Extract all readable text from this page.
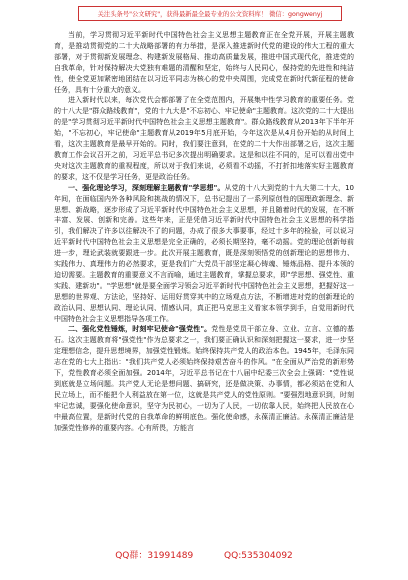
关注头条号"公文研究"，获得最新最全最专业的公文资料库！ 微信：gongwenyj

当前，学习贯彻习近平新时代中国特色社会主义思想主题教育正在全党开展，开展主题教育，是推动贯彻党的二十大战略部署的有力举措，是深入推进新时代党的建设的伟大工程的重大部署，对于贯彻新发展理念、构建新发展格局、推动高质量发展，推进中国式现代化，推进党的自我革命，针对保持解决大党独有难题的清醒和坚定，始终与人民同心，保持党的先进性和纯洁性，使全党更加紧密地团结在以习近平同志为核心的党中央周围，完成党在新时代新征程的使命任务，具有十分重大的意义。

进入新时代以来，每次党代会都部署了在全党范围内，开展集中性学习教育的重要任务。党的十八大是"群众路线教育"，党的十九大是"不忘初心、牢记使命"主题教育。这次党的二十大提出的是"学习贯彻习近平新时代中国特色社会主义思想主题教育"。群众路线教育从2013年下半年开始，"不忘初心，牢记使命"主题教育从2019年5月底开始，今年这次是从4月份开始的从时间上看，这次主题教育是最早开始的。同时，我们要注意到，在党的二十大作出部署之后，这次主题教育工作会议召开之前，习近平总书记多次提出明确要求。这是和以往不同的，足可以看出党中央对这次主题教育的重视程度，所以对于我们来说，必须看不动摇，不打折扣地落实好主题教育的要求，这不仅是学习任务，更是政治任务。

一、强化理论学习，深刻理解主题教育"学思想"。从党的十八大到党的十九大第二十大，10年间，在面临国内外各种风险和挑战的情况下，总书记提出了一系列原创性的国理政新理念、新思想、新战略，逐步形成了习近平新时代中国特色社会主义思想，并且随着时代的发展，在不断丰富、发展、创新和完善。这些年来，正是凭借习近平新时代中国特色社会主义思想的科学指引，我们解决了许多以往解决不了的问题，办成了很多大事要事，经过十多年的检验，可以说习近平新时代中国特色社会主义思想是完全正确的，必须长期坚持，毫不动摇。党的理论创新每前进一步，理论武装就要跟进一步。此次开展主题教育，既是深刻领悟党的创新理论的思想伟力、实践伟力、真理伟力的必然要求，更是我们广大党员干部坚定凝心铸魂、锤炼品格、提升本领的迫切需要。主题教育的重要意义不言而喻，通过主题教育，掌握总要求，即"学思想、强党性、重实践、建新功"。"学思想"就是要全面学习领会习近平新时代中国特色社会主义思想，把握好这一思想的世界观、方法论，坚持好、运用好贯穿其中的立场观点方法，不断增进对党的创新理论的政治认同、思想认同、理论认同、情感认同，真正把马克思主义看家本领学到手，自觉用新时代中国特色社会主义思想指导各项工作。

二、强化党性锤炼，时刻牢记使命"强党性"。党性是党员干部立身、立业、立言、立德的基石。这次主题教育将"强党性"作为总要求之一，我们要正确认识和深刻把握这一要求，进一步坚定理想信念，提升思想境界，加强党性锻炼。始终保持共产党人的政治本色。1945年，毛泽东同志在党的七大上指出："我们共产党人必须始终保持艰苦奋斗的作风。"在全面从严治党的新形势下，党性教育必须全面加强。2014年，习近平总书记在十八届中纪委三次全会上强调："党性说到底就是立场问题。共产党人无论是想问题、搞研究，还是做决策、办事情，都必须站在党和人民立场上，而不能把个人利益放在第一位，这就是共产党人的党性原则。"要强烈地意识到，时刻牢记忠诚，要强化使命意识，坚守为民初心，一切为了人民，一切依靠人民，始终把人民放在心中最高位置，是新时代党的自我革命的鲜明底色。强化使命感，永葆清正廉洁。永葆清正廉洁是加强党性修养的重要内容。心有所畏，方能言

QQ群：31991489	QQ:535304092
